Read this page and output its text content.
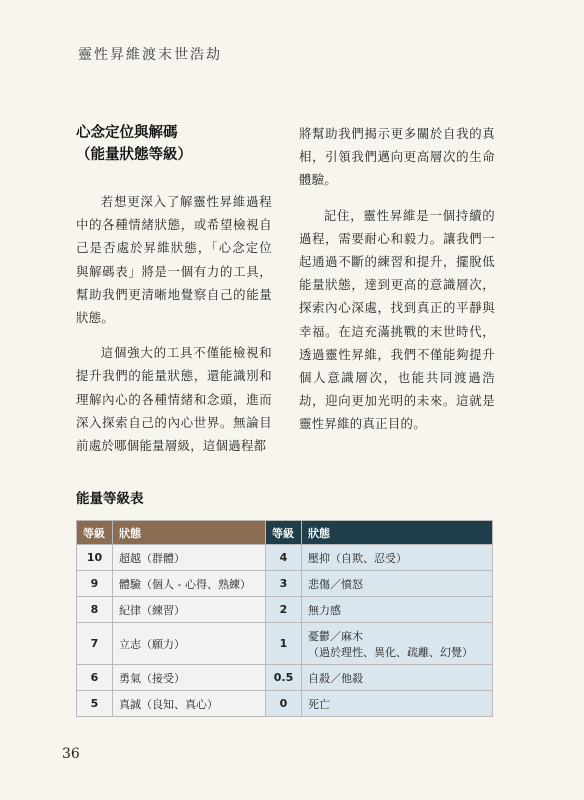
靈性昇維渡末世浩劫
心念定位與解碼
（能量狀態等級）

若想更深入了解靈性昇維過程中的各種情緒狀態，或希望檢視自己是否處於昇維狀態，「心念定位與解碼表」將是一個有力的工具，幫助我們更清晰地覺察自己的能量狀態。

這個強大的工具不僅能檢視和提升我們的能量狀態，還能識別和理解內心的各種情緒和念頭，進而深入探索自己的內心世界。無論目前處於哪個能量層級，這個過程都

將幫助我們揭示更多關於自我的真相，引領我們邁向更高層次的生命體驗。

記住，靈性昇維是一個持續的過程，需要耐心和毅力。讓我們一起通過不斷的練習和提升，擺脫低能量狀態，達到更高的意識層次，探索內心深處，找到真正的平靜與幸福。在這充滿挑戰的末世時代，透過靈性昇維，我們不僅能夠提升個人意識層次，也能共同渡過浩劫，迎向更加光明的未來。這就是靈性昇維的真正目的。

能量等級表
等級	狀態	等級	狀態
10	超越（群體）	4	壓抑（自欺、忍受）
9	體驗（個人 - 心得、熟練）	3	悲傷／憤怒
8	紀律（練習）	2	無力感
7	立志（願力）	1	憂鬱／麻木
（過於理性、異化、疏離、幻覺）

6	勇氣（接受）	0.5	自殺／他殺
5	真誠（良知、真心）	0	死亡
36
